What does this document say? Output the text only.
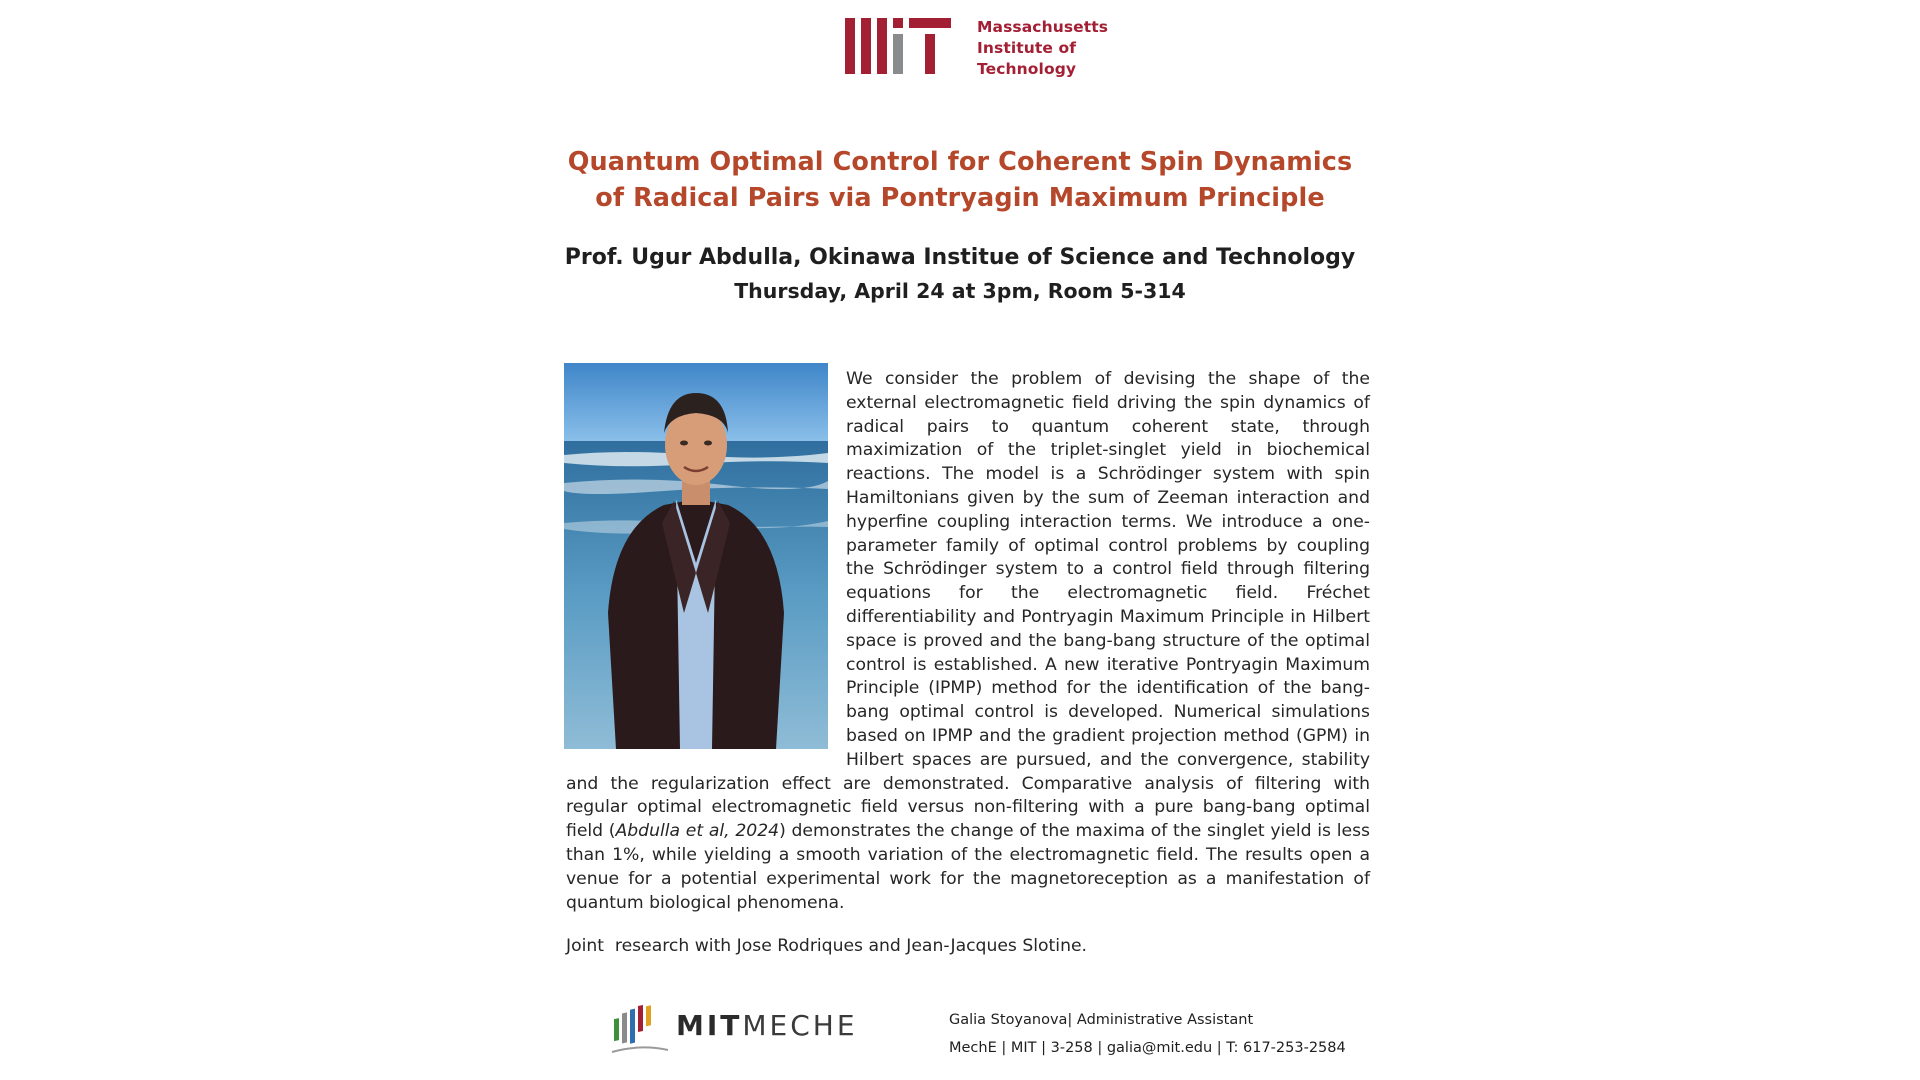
Massachusetts
Institute of
Technology
Quantum Optimal Control for Coherent Spin Dynamics
of Radical Pairs via Pontryagin Maximum Principle
Prof. Ugur Abdulla, Okinawa Institue of Science and Technology
Thursday, April 24 at 3pm, Room 5-314

We consider the problem of devising the shape of the external electromagnetic field driving the spin dynamics of radical pairs to quantum coherent state, through maximization of the triplet-singlet yield in biochemical reactions. The model is a Schrödinger system with spin Hamiltonians given by the sum of Zeeman interaction and hyperfine coupling interaction terms. We introduce a one-parameter family of optimal control problems by coupling the Schrödinger system to a control field through filtering equations for the electromagnetic field. Fréchet differentiability and Pontryagin Maximum Principle in Hilbert space is proved and the bang-bang structure of the optimal control is established. A new iterative Pontryagin Maximum Principle (IPMP) method for the identification of the bang-bang optimal control is developed. Numerical simulations based on IPMP and the gradient projection method (GPM) in Hilbert spaces are pursued, and the convergence, stability and the regularization effect are demonstrated. Comparative analysis of filtering with regular optimal electromagnetic field versus non-filtering with a pure bang-bang optimal field (Abdulla et al, 2024) demonstrates the change of the maxima of the singlet yield is less than 1%, while yielding a smooth variation of the electromagnetic field. The results open a venue for a potential experimental work for the magnetoreception as a manifestation of quantum biological phenomena.

Joint  research with Jose Rodriques and Jean-Jacques Slotine.
MITMECHE	Galia Stoyanova| Administrative Assistant
MechE | MIT | 3-258 | galia@mit.edu | T: 617-253-2584
